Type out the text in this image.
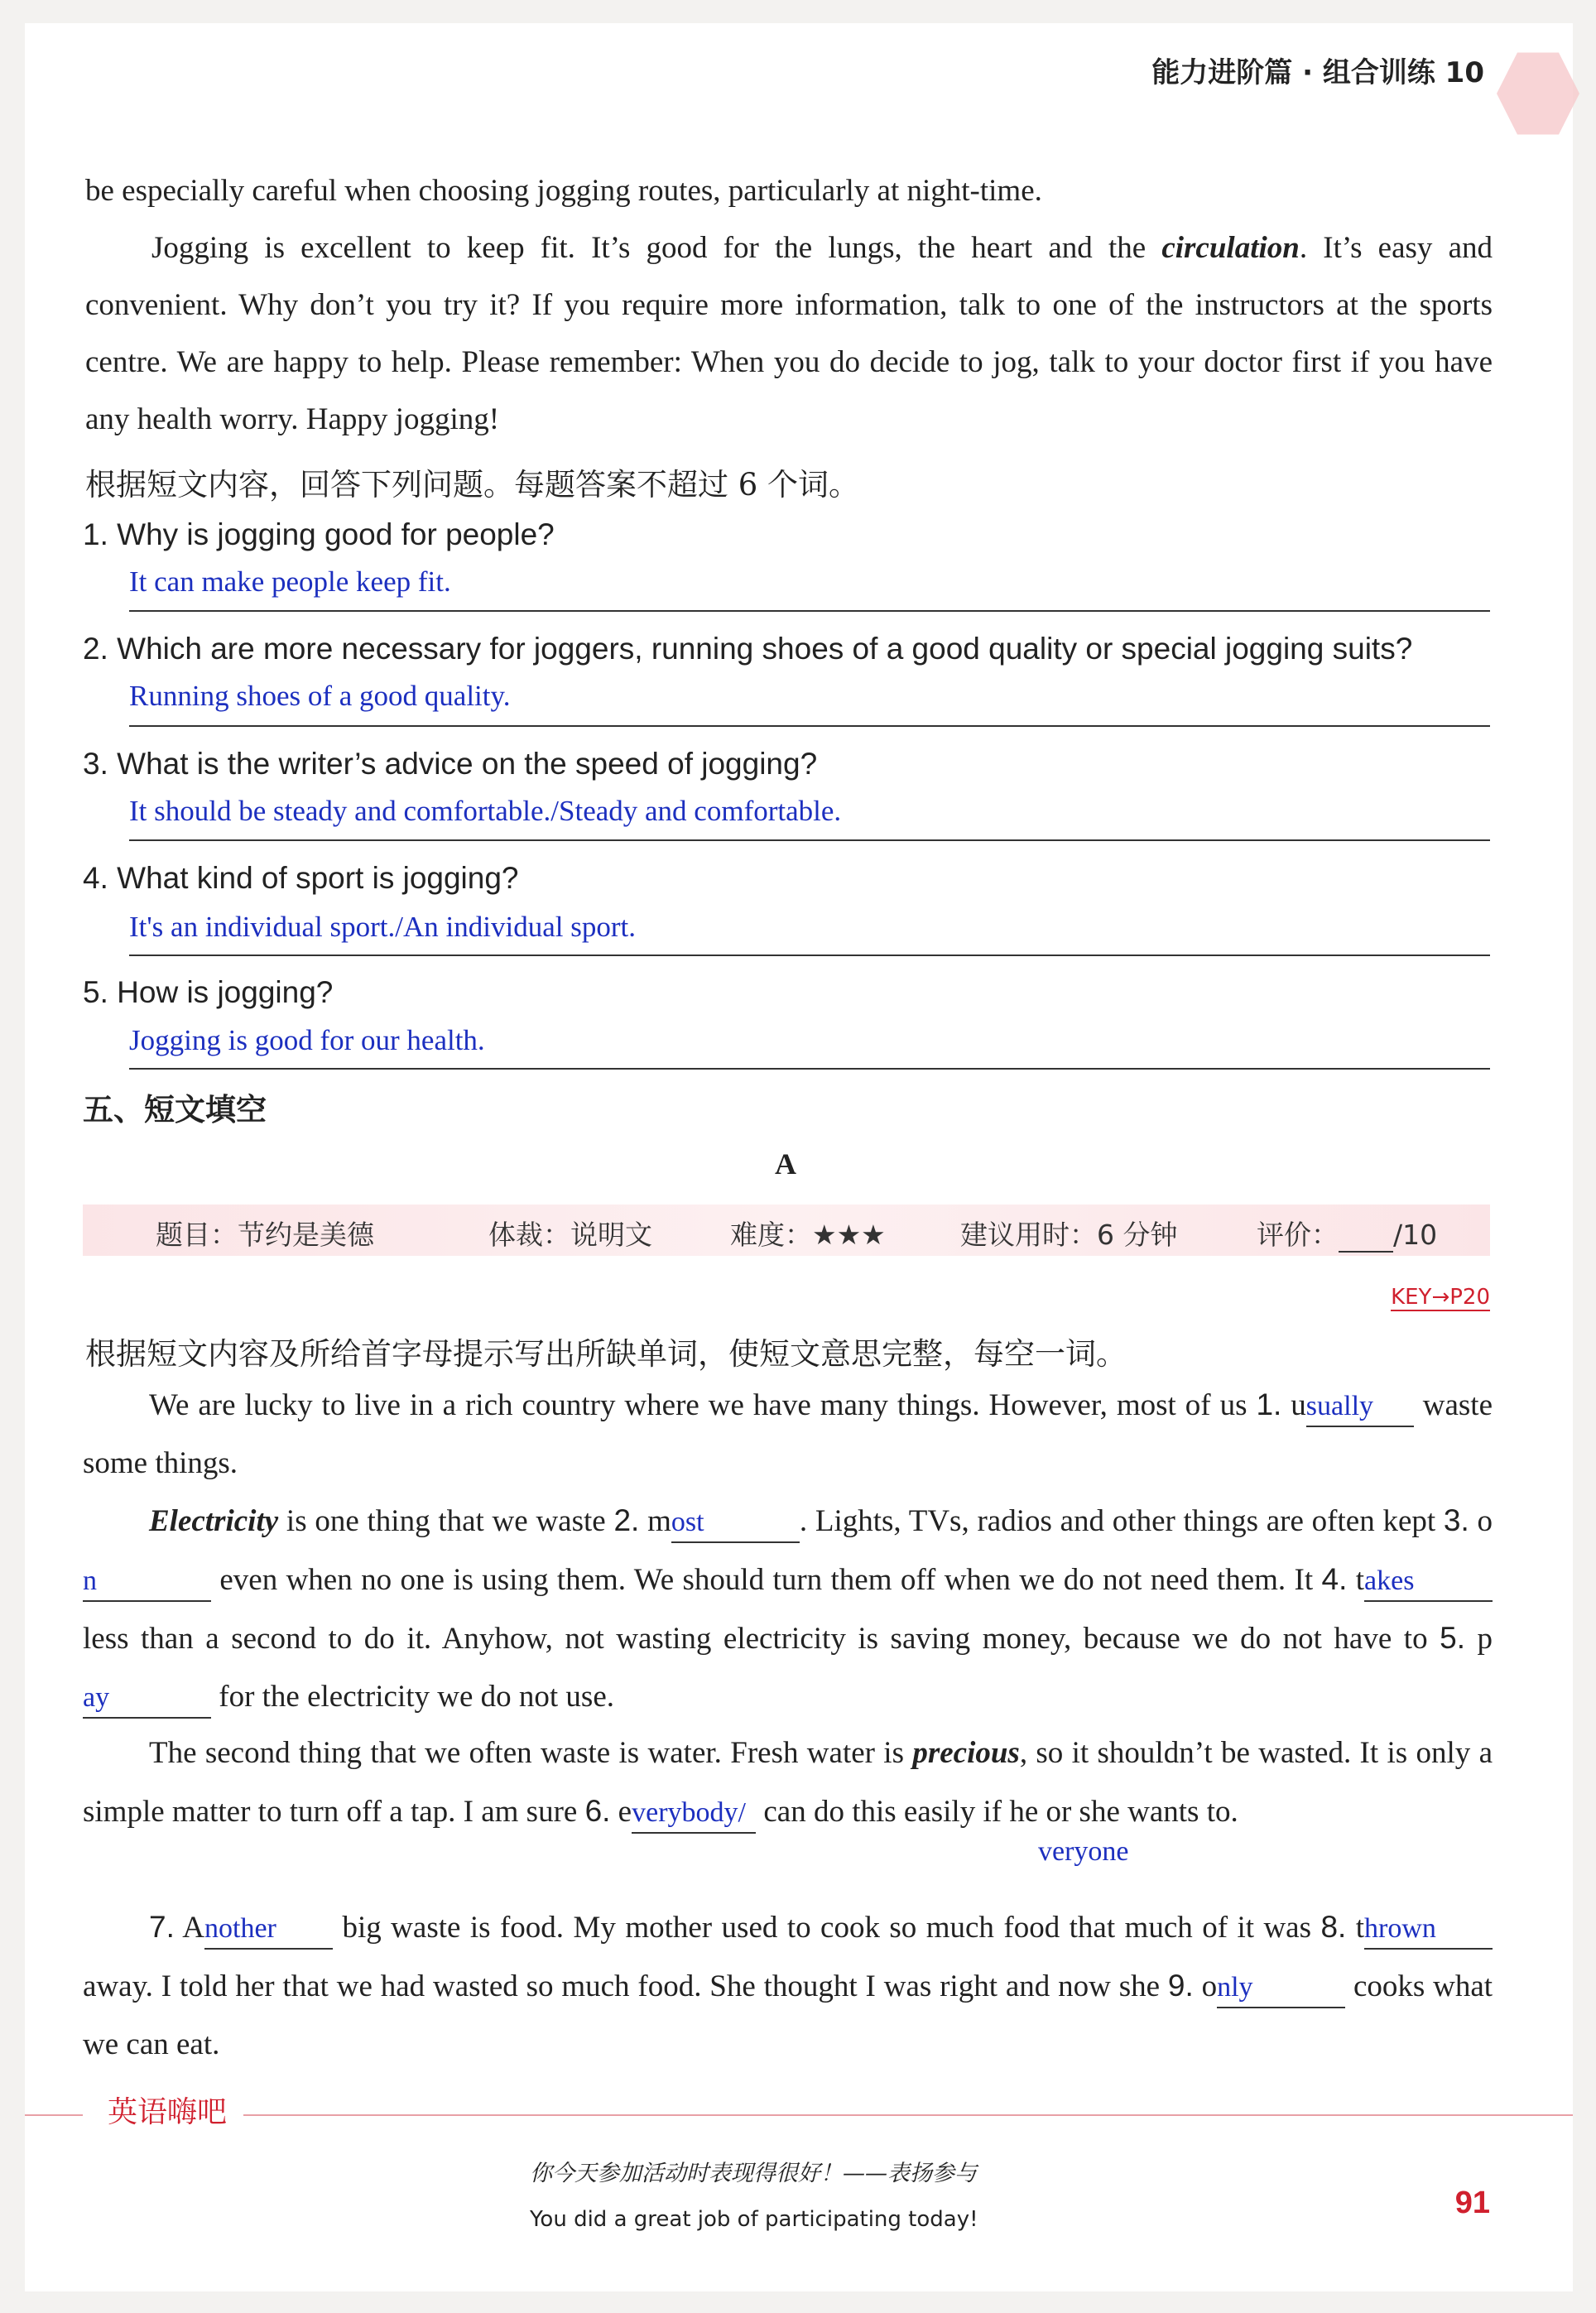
能力进阶篇 · 组合训练 10
be especially careful when choosing jogging routes, particularly at night-time.
Jogging is excellent to keep fit. It’s good for the lungs, the heart and the circulation. It’s easy and convenient. Why don’t you try it? If you require more information, talk to one of the instructors at the sports centre. We are happy to help. Please remember: When you do decide to jog, talk to your doctor first if you have any health worry. Happy jogging!
根据短文内容，回答下列问题。每题答案不超过 6 个词。
1. Why is jogging good for people?
It can make people keep fit.
2. Which are more necessary for joggers, running shoes of a good quality or special jogging suits?
Running shoes of a good quality.
3. What is the writer’s advice on the speed of jogging?
It should be steady and comfortable./Steady and comfortable.
4. What kind of sport is jogging?
It's an individual sport./An individual sport.
5. How is jogging?
Jogging is good for our health.
五、短文填空
A
题目：节约是美德	体裁：说明文	难度：★★★	建议用时：6 分钟	评价： /10
KEY→P20
根据短文内容及所给首字母提示写出所缺单词，使短文意思完整，每空一词。
We are lucky to live in a rich country where we have many things. However, most of us 1. usually waste some things.
Electricity is one thing that we waste 2. most	. Lights, TVs, radios and other things are often kept 3. on	even when no one is using them. We should turn them off when we do not need them. It 4. takes less than a second to do it. Anyhow, not wasting electricity is saving money, because we do not have to 5. pay	for the electricity we do not use.
The second thing that we often waste is water. Fresh water is precious, so it shouldn’t be wasted. It is only a simple matter to turn off a tap. I am sure 6. everybody/ can do this easily if he or she wants to.
veryone
7. Another big waste is food. My mother used to cook so much food that much of it was 8. thrown away. I told her that we had wasted so much food. She thought I was right and now she 9. only	cooks what we can eat.
英语嗨吧
你今天参加活动时表现得很好！——表扬参与
You did a great job of participating today!	91
